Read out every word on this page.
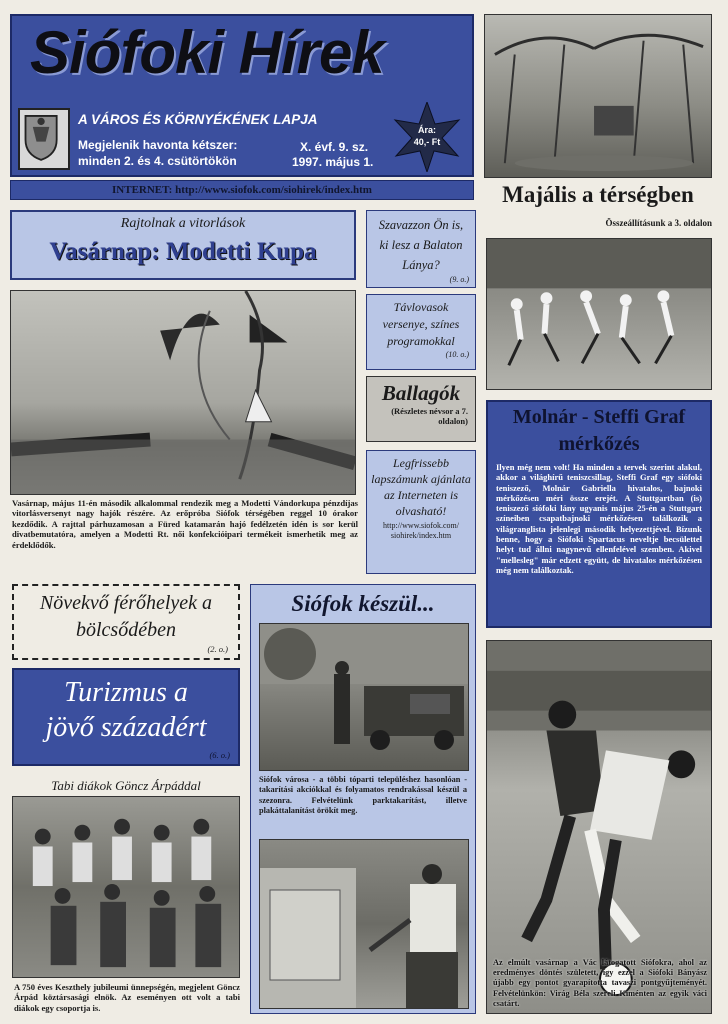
Siófoki Hírek
A VÁROS ÉS KÖRNYÉKÉNEK LAPJA
Megjelenik havonta kétszer:
minden 2. és 4. csütörtökön
X. évf. 9. sz.
1997. május 1.
Ára:
40,- Ft
INTERNET: http://www.siofok.com/siohirek/index.htm	Majális a térségben
Összeállításunk a 3. oldalon
Rajtolnak a vitorlások
Vasárnap: Modetti Kupa
Vasárnap, május 11-én második alkalommal rendezik meg a Modetti Vándorkupa pénzdíjas vitorlásversenyt nagy hajók részére. Az erőpróba Siófok térségében reggel 10 órakor kezdődik. A rajttal párhuzamosan a Füred katamarán hajó fedélzetén idén is sor kerül divatbemutatóra, amelyen a Modetti Rt. női konfekcióipari termékeit ismerhetik meg az érdeklődők.
Szavazzon Ön is, ki lesz a Balaton Lánya?
(9. o.)
Távlovasok versenye, színes programokkal
(10. o.)
Ballagók
(Részletes névsor a 7. oldalon)
Legfrissebb lapszámunk ajánlata az Interneten is olvasható!
http://www.siofok.com/ siohirek/index.htm
Molnár - Steffi Graf
mérkőzés
Ilyen még nem volt! Ha minden a tervek szerint alakul, akkor a világhírű teniszcsillag, Steffi Graf egy siófoki teniszező, Molnár Gabriella hivatalos, bajnoki mérkőzésen méri össze erejét. A Stuttgartban (is) teniszező siófoki lány ugyanis május 25-én a Stuttgart színeiben csapatbajnoki mérkőzésen találkozik a világranglista jelenlegi második helyezettjével. Bízunk benne, hogy a Siófoki Spartacus neveltje becsülettel helyt tud állni nagynevű ellenfelével szemben. Akivel "mellesleg" már edzett együtt, de hivatalos mérkőzésen még nem találkoztak.
Növekvő férőhelyek a
bölcsődében
(2. o.)
Turizmus a
jövő századért
(6. o.)
Tabi diákok Göncz Árpáddal
A 750 éves Keszthely jubileumi ünnepségén, megjelent Göncz Árpád köztársasági elnök. Az eseményen ott volt a tabi diákok egy csoportja is.
Siófok készül...
Siófok városa - a többi tóparti településhez hasonlóan - takarítási akciókkal és folyamatos rendrakással készül a szezonra. Felvételünk parktakarítást, illetve plakáttalanítást örökít meg.
Az elmúlt vasárnap a Vác látogatott Siófokra, ahol az eredményes döntés született, így ezzel a Siófoki Bányász újabb egy pontot gyarapította tavaszi pontgyűjteményét. Felvételünkön: Virág Béla szereli Kiménten az egyik váci csatárt.
